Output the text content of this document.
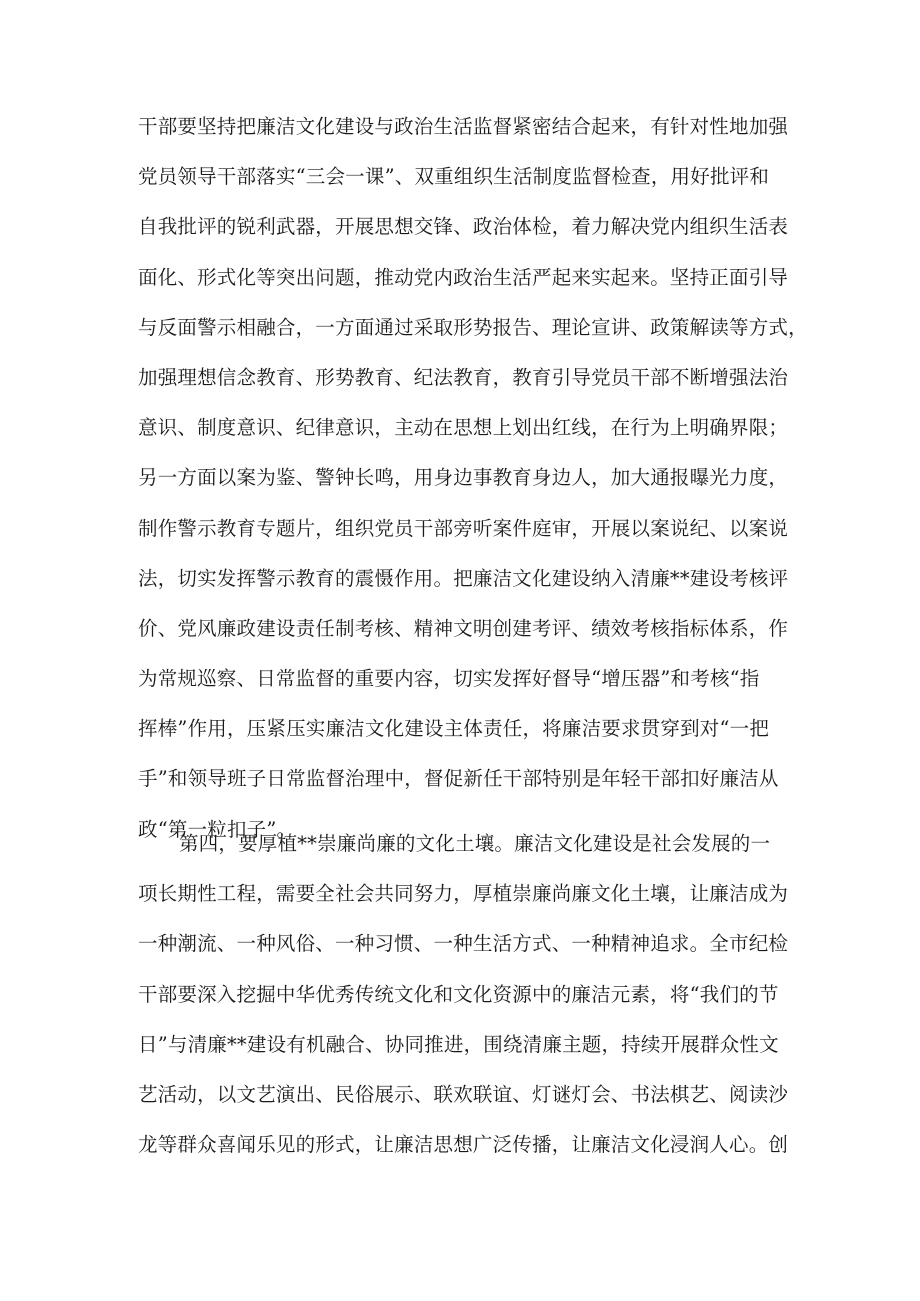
干部要坚持把廉洁文化建设与政治生活监督紧密结合起来，有针对性地加强
党员领导干部落实“三会一课”、双重组织生活制度监督检查，用好批评和
自我批评的锐利武器，开展思想交锋、政治体检，着力解决党内组织生活表
面化、形式化等突出问题，推动党内政治生活严起来实起来。坚持正面引导
与反面警示相融合，一方面通过采取形势报告、理论宣讲、政策解读等方式，
加强理想信念教育、形势教育、纪法教育，教育引导党员干部不断增强法治
意识、制度意识、纪律意识，主动在思想上划出红线，在行为上明确界限；
另一方面以案为鉴、警钟长鸣，用身边事教育身边人，加大通报曝光力度，
制作警示教育专题片，组织党员干部旁听案件庭审，开展以案说纪、以案说
法，切实发挥警示教育的震慑作用。把廉洁文化建设纳入清廉**建设考核评
价、党风廉政建设责任制考核、精神文明创建考评、绩效考核指标体系，作
为常规巡察、日常监督的重要内容，切实发挥好督导“增压器”和考核“指
挥棒”作用，压紧压实廉洁文化建设主体责任，将廉洁要求贯穿到对“一把
手”和领导班子日常监督治理中，督促新任干部特别是年轻干部扣好廉洁从
政“第一粒扣子”。
第四，要厚植**崇廉尚廉的文化土壤。廉洁文化建设是社会发展的一
项长期性工程，需要全社会共同努力，厚植崇廉尚廉文化土壤，让廉洁成为
一种潮流、一种风俗、一种习惯、一种生活方式、一种精神追求。全市纪检
干部要深入挖掘中华优秀传统文化和文化资源中的廉洁元素，将“我们的节
日”与清廉**建设有机融合、协同推进，围绕清廉主题，持续开展群众性文
艺活动，以文艺演出、民俗展示、联欢联谊、灯谜灯会、书法棋艺、阅读沙
龙等群众喜闻乐见的形式，让廉洁思想广泛传播，让廉洁文化浸润人心。创
